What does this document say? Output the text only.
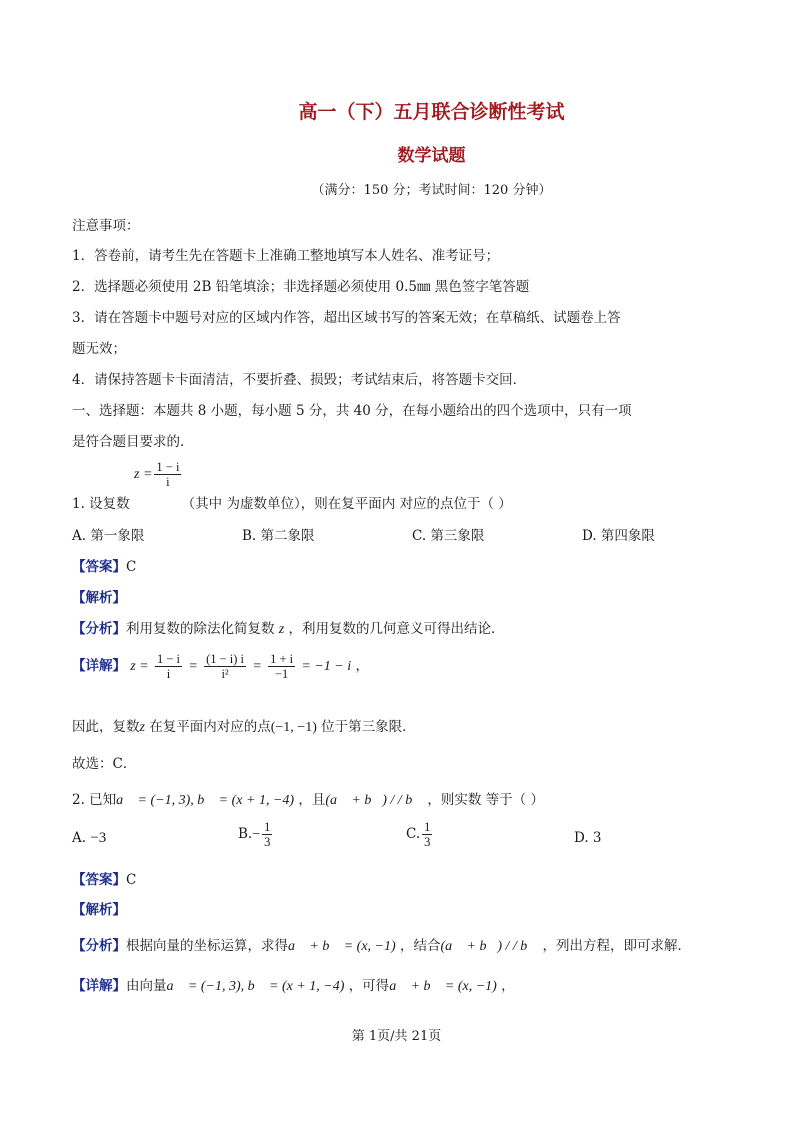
高一（下）五月联合诊断性考试
数学试题
（满分：150 分；考试时间：120 分钟）
注意事项：
1．答卷前，请考生先在答题卡上准确工整地填写本人姓名、准考证号；
2．选择题必须使用 2B 铅笔填涂；非选择题必须使用 0.5㎜ 黑色签字笔答题
3．请在答题卡中题号对应的区域内作答，超出区域书写的答案无效；在草稿纸、试题卷上答
题无效；
4．请保持答题卡卡面清洁，不要折叠、损毁；考试结束后，将答题卡交回．
一、选择题：本题共 8 小题，每小题 5 分，共 40 分，在每小题给出的四个选项中，只有一项
是符合题目要求的．
$z = \frac{1 - i}{i}$
1. 设复数	（其中 为虚数单位），则在复平面内 对应的点位于（ ）
A. 第一象限	B. 第二象限	C. 第三象限	D. 第四象限
【答案】C
【解析】
【分析】利用复数的除法化简复数 z ，利用复数的几何意义可得出结论．
【详解】 $z = \frac{1 - i}{i} = \frac{(1 - i) i}{\text{i²}} = \frac{1 + i}{-1} = -1 - i$ ，
因此，复数z 在复平面内对应的点(−1, −1) 位于第三象限．
故选：C．
2. 已知a⃗ = (−1, 3), b⃗ = (x + 1, −4) ，且(a⃗ + b⃗) / / b⃗ ，则实数 等于（ ）
A. −3	$B.- \frac{1}{3}$	C. $\frac{1}{3}$	D. 3
【答案】C
【解析】
【分析】根据向量的坐标运算，求得a⃗ + b⃗ = (x, −1) ，结合(a⃗ + b⃗) / / b⃗ ，列出方程，即可求解．
【详解】由向量a⃗ = (−1, 3), b⃗ = (x + 1, −4) ，可得a⃗ + b⃗ = (x, −1) ，
第 1页/共 21页
